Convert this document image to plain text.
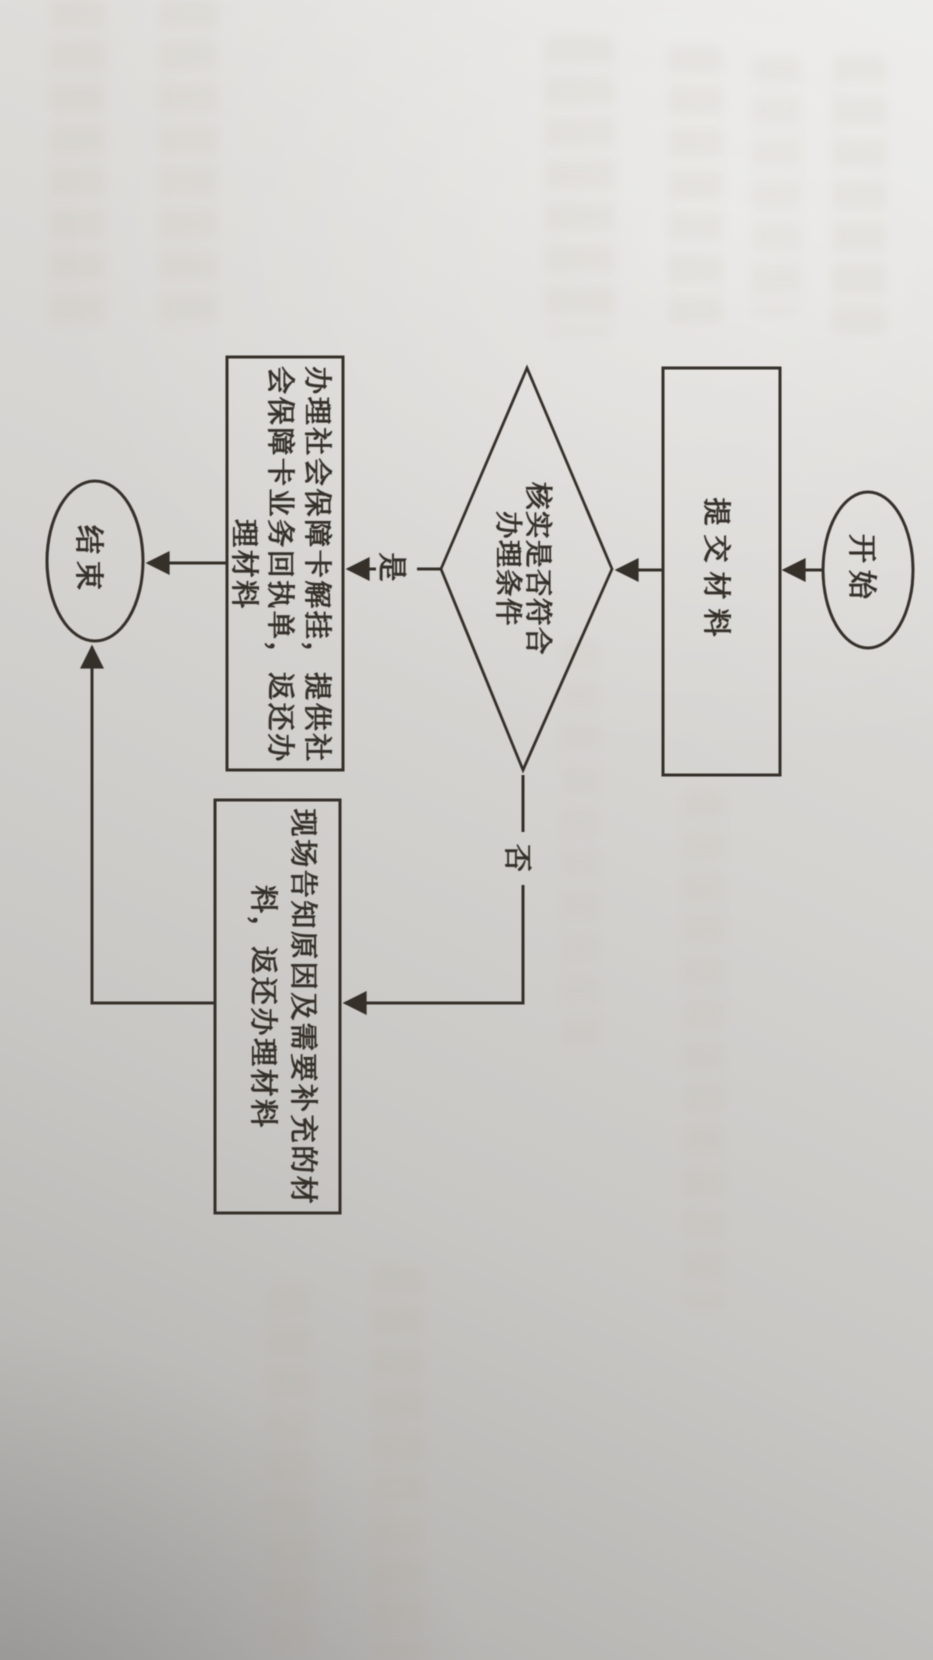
开始
提交材料
核实是否符合办理条件
是
否
办理社会保障卡解挂，提供社会保障卡业务回执单，返还办理材料
现场告知原因及需要补充的材料，返还办理材料
结束
